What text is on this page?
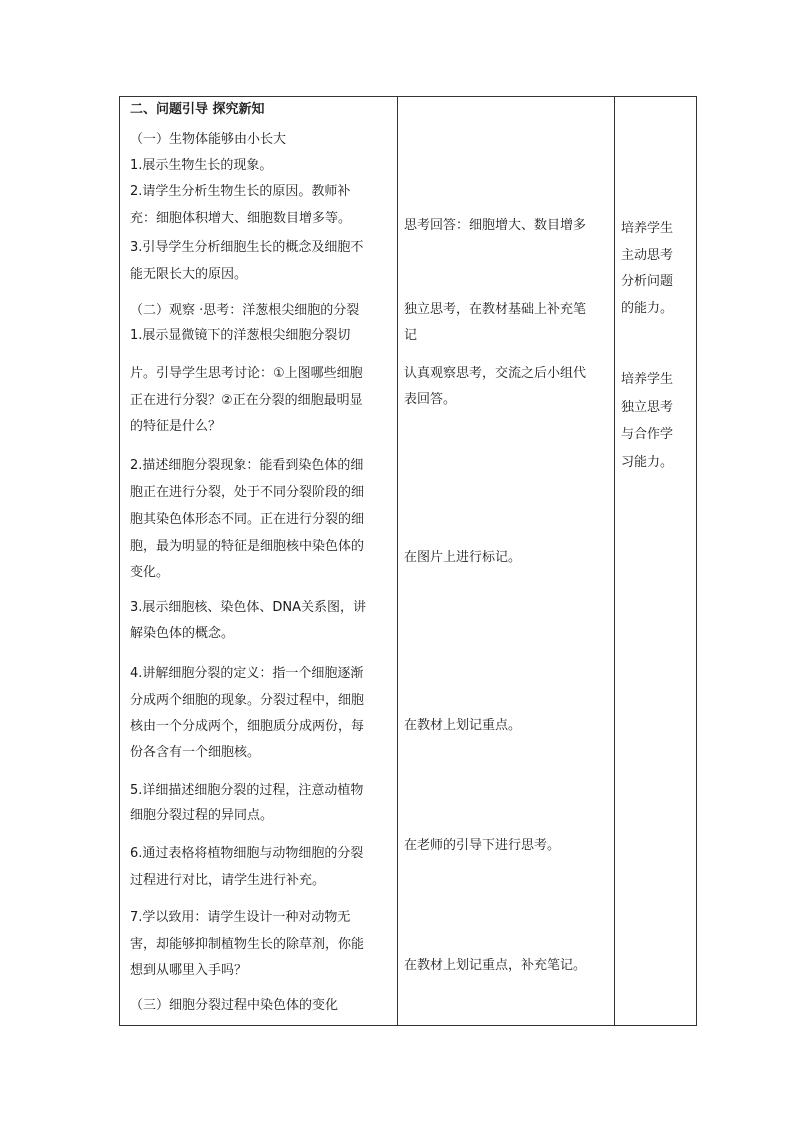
二、问题引导 探究新知
（一）生物体能够由小长大
1.展示生物生长的现象。
2.请学生分析生物生长的原因。教师补
充：细胞体积增大、细胞数目增多等。
3.引导学生分析细胞生长的概念及细胞不
能无限长大的原因。
（二）观察 ·思考：洋葱根尖细胞的分裂
1.展示显微镜下的洋葱根尖细胞分裂切
片。引导学生思考讨论：①上图哪些细胞
正在进行分裂？②正在分裂的细胞最明显
的特征是什么？
2.描述细胞分裂现象：能看到染色体的细
胞正在进行分裂，处于不同分裂阶段的细
胞其染色体形态不同。正在进行分裂的细
胞，最为明显的特征是细胞核中染色体的
变化。
3.展示细胞核、染色体、DNA关系图，讲
解染色体的概念。
4.讲解细胞分裂的定义：指一个细胞逐渐
分成两个细胞的现象。分裂过程中，细胞
核由一个分成两个，细胞质分成两份，每
份各含有一个细胞核。
5.详细描述细胞分裂的过程，注意动植物
细胞分裂过程的异同点。
6.通过表格将植物细胞与动物细胞的分裂
过程进行对比，请学生进行补充。
7.学以致用：请学生设计一种对动物无
害，却能够抑制植物生长的除草剂，你能
想到从哪里入手吗？
（三）细胞分裂过程中染色体的变化
思考回答：细胞增大、数目增多
独立思考，在教材基础上补充笔
记
认真观察思考，交流之后小组代
表回答。
在图片上进行标记。
在教材上划记重点。
在老师的引导下进行思考。
在教材上划记重点，补充笔记。
培养学生
主动思考
分析问题
的能力。
培养学生
独立思考
与合作学
习能力。
